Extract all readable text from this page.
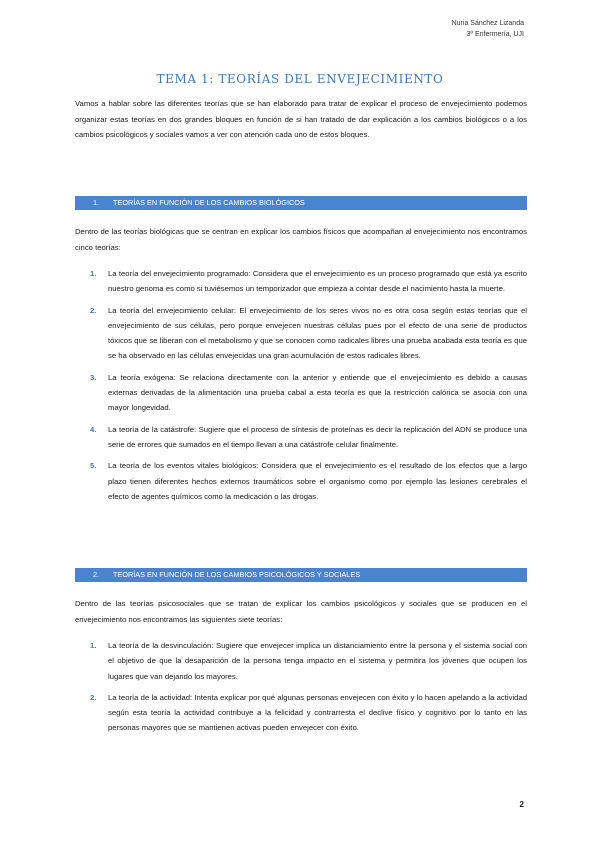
Nuria Sánchez Lizanda
3º Enfermería, UJI
TEMA 1: TEORÍAS DEL ENVEJECIMIENTO

Vamos a hablar sobre las diferentes teorías que se han elaborado para tratar de explicar el proceso de envejecimiento podemos organizar estas teorías en dos grandes bloques en función de si han tratado de dar explicación a los cambios biológicos o a los cambios psicológicos y sociales vamos a ver con atención cada uno de estos bloques.

1. TEORÍAS EN FUNCIÓN DE LOS CAMBIOS BIOLÓGICOS

Dentro de las teorías biológicas que se centran en explicar los cambios físicos que acompañan al envejecimiento nos encontramos cinco teorías:

1. La teoría del envejecimiento programado: Considera que el envejecimiento es un proceso programado que está ya escrito nuestro genoma es como si tuviésemos un temporizador que empieza a contar desde el nacimiento hasta la muerte.
2. La teoría del envejecimiento celular: El envejecimiento de los seres vivos no es otra cosa según estas teorías que el envejecimiento de sus células, pero porque envejecen nuestras células pues por el efecto de una serie de productos tóxicos que se liberan con el metabolismo y que se conocen como radicales libres una prueba acabada esta teoría es que se ha observado en las células envejecidas una gran acumulación de estos radicales libres.
3. La teoría exógena: Se relaciona directamente con la anterior y entiende que el envejecimiento es debido a causas externas derivadas de la alimentación una prueba cabal a esta teoría es que la restricción calórica se asocia con una mayor longevidad.
4. La teoría de la catástrofe: Sugiere que el proceso de síntesis de proteínas es decir la replicación del ADN se produce una serie de errores que sumados en el tiempo llevan a una catástrofe celular finalmente.
5. La teoría de los eventos vitales biológicos: Considera que el envejecimiento es el resultado de los efectos que a largo plazo tienen diferentes hechos externos traumáticos sobre el organismo como por ejemplo las lesiones cerebrales el efecto de agentes químicos como la medicación o las drogas.
2. TEORÍAS EN FUNCIÓN DE LOS CAMBIOS PSICOLÓGICOS Y SOCIALES

Dentro de las teorías psicosociales que se tratan de explicar los cambios psicológicos y sociales que se producen en el envejecimiento nos encontramos las siguientes siete teorías:

1. La teoría de la desvinculación: Sugiere que envejecer implica un distanciamiento entre la persona y el sistema social con el objetivo de que la desaparición de la persona tenga impacto en el sistema y permitira los jóvenes que ocupen los lugares que van dejando los mayores.
2. La teoría de la actividad: Intenta explicar por qué algunas personas envejecen con éxito y lo hacen apelando a la actividad según esta teoría la actividad contribuye a la felicidad y contrarresta el declive físico y cognitivo por lo tanto en las personas mayores que se mantienen activas pueden envejecer con éxito.
2
